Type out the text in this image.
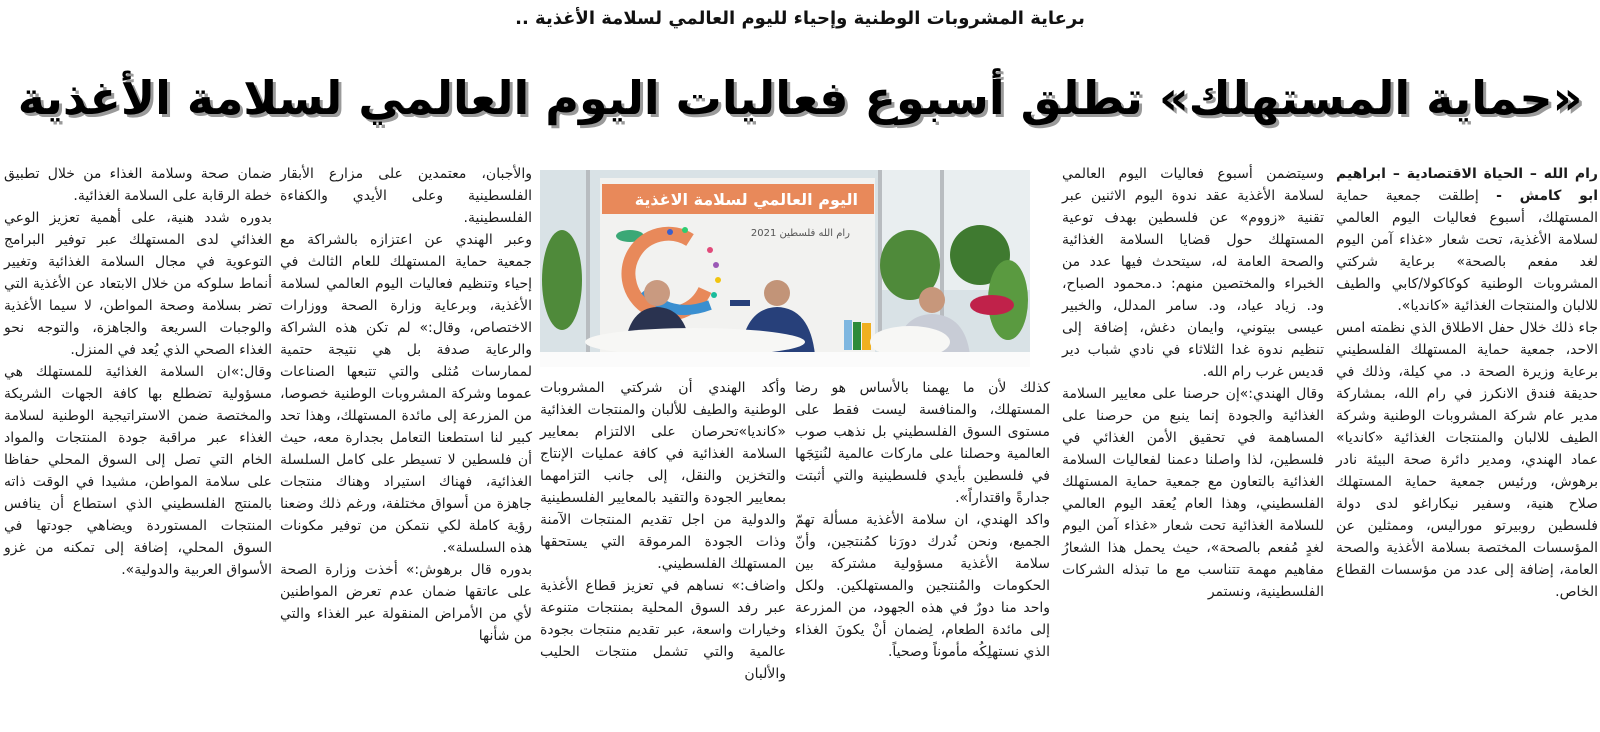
برعاية المشروبات الوطنية وإحياء لليوم العالمي لسلامة الأغذية ..
«حماية المستهلك» تطلق أسبوع فعاليات اليوم العالمي لسلامة الأغذية

رام الله – الحياة الاقتصادية – ابراهيم ابو كامش - إطلقت جمعية حماية المستهلك، أسبوع فعاليات اليوم العالمي لسلامة الأغذية، تحت شعار «غذاء آمن اليوم لغد مفعم بالصحة» برعاية شركتي المشروبات الوطنية كوكاكولا/كابي والطيف للالبان والمنتجات الغذائية «كانديا».

جاء ذلك خلال حفل الاطلاق الذي نظمته امس الاحد، جمعية حماية المستهلك الفلسطيني برعاية وزيرة الصحة د. مي كيلة، وذلك في حديقة فندق الانكرز في رام الله، بمشاركة مدير عام شركة المشروبات الوطنية وشركة الطيف للالبان والمنتجات الغذائية «كانديا» عماد الهندي، ومدير دائرة صحة البيئة نادر برهوش، ورئيس جمعية حماية المستهلك صلاح هنية، وسفير نيكاراغو لدى دولة فلسطين روبيرتو موراليس، وممثلين عن المؤسسات المختصة بسلامة الأغذية والصحة العامة، إضافة إلى عدد من مؤسسات القطاع الخاص.

وسيتضمن أسبوع فعاليات اليوم العالمي لسلامة الأغذية عقد ندوة اليوم الاثنين عبر تقنية «زووم» عن فلسطين بهدف توعية المستهلك حول قضايا السلامة الغذائية والصحة العامة له، سيتحدث فيها عدد من الخبراء والمختصين منهم: د.محمود الصباح، ود. زياد عياد، ود. سامر المدلل، والخبير عيسى بيتوني، وايمان دغش، إضافة إلى تنظيم ندوة غدا الثلاثاء في نادي شباب دير قديس غرب رام الله.

وقال الهندي:»إن حرصنا على معايير السلامة الغذائية والجودة إنما ينبع من حرصنا على المساهمة في تحقيق الأمن الغذائي في فلسطين، لذا واصلنا دعمنا لفعاليات السلامة الغذائية بالتعاون مع جمعية حماية المستهلك الفلسطيني، وهذا العام يُعقد اليوم العالمي للسلامة الغذائية تحت شعار «غذاء آمن اليوم لغدٍ مُفعم بالصحة»، حيث يحمل هذا الشعارُ مفاهيم مهمة تتناسب مع ما تبذله الشركات الفلسطينية، ونستمر

كذلك لأن ما يهمنا بالأساس هو رضا المستهلك، والمنافسة ليست فقط على مستوى السوق الفلسطيني بل نذهب صوب العالمية وحصلنا على ماركات عالمية لنُنتِجَها في فلسطين بأيدي فلسطينية والتي أثبتت جدارةً واقتداراً».

واكد الهندي، ان سلامة الأغذية مسألة تهمّ الجميع، ونحن نُدرك دورَنا كمُنتجين، وأنّ سلامة الأغذية مسؤولية مشتركة بين الحكومات والمُنتجين والمستهلكين. ولكل واحد منا دورٌ في هذه الجهود، من المزرعة إلى مائدة الطعام، لِضمان أنْ يكونَ الغذاء الذي نستهلِكُه مأموناً وصحياً.

وأكد الهندي أن شركتي المشروبات الوطنية والطيف للألبان والمنتجات الغذائية «كانديا»تحرصان على الالتزام بمعايير السلامة الغذائية في كافة عمليات الإنتاج والتخزين والنقل، إلى جانب التزامهما بمعايير الجودة والتقيد بالمعايير الفلسطينية والدولية من اجل تقديم المنتجات الآمنة وذات الجودة المرموقة التي يستحقها المستهلك الفلسطيني.

واضاف:» نساهم في تعزيز قطاع الأغذية عبر رفد السوق المحلية بمنتجات متنوعة وخيارات واسعة، عبر تقديم منتجات بجودة عالمية والتي تشمل منتجات الحليب والألبان

والأجبان، معتمدين على مزارع الأبقار الفلسطينية وعلى الأيدي والكفاءة الفلسطينية.

وعبر الهندي عن اعتزازه بالشراكة مع جمعية حماية المستهلك للعام الثالث في إحياء وتنظيم فعاليات اليوم العالمي لسلامة الأغذية، وبرعاية وزارة الصحة ووزارات الاختصاص، وقال:» لم تكن هذه الشراكة والرعاية صدفة بل هي نتيجة حتمية لممارسات مُثلى والتي تتبعها الصناعات عموما وشركة المشروبات الوطنية خصوصا، من المزرعة إلى مائدة المستهلك، وهذا تحد كبير لنا استطعنا التعامل بجدارة معه، حيث أن فلسطين لا تسيطر على كامل السلسلة الغذائية، فهناك استيراد وهناك منتجات جاهزة من أسواق مختلفة، ورغم ذلك وضعنا رؤية كاملة لكي نتمكن من توفير مكونات هذه السلسلة».

بدوره قال برهوش:» أخذت وزارة الصحة على عاتقها ضمان عدم تعرض المواطنين لأي من الأمراض المنقولة عبر الغذاء والتي من شأنها

ضمان صحة وسلامة الغذاء من خلال تطبيق خطة الرقابة على السلامة الغذائية.

بدوره شدد هنية، على أهمية تعزيز الوعي الغذائي لدى المستهلك عبر توفير البرامج التوعوية في مجال السلامة الغذائية وتغيير أنماط سلوكه من خلال الابتعاد عن الأغذية التي تضر بسلامة وصحة المواطن، لا سيما الأغذية والوجبات السريعة والجاهزة، والتوجه نحو الغذاء الصحي الذي يُعد في المنزل.

وقال:»ان السلامة الغذائية للمستهلك هي مسؤولية تضطلع بها كافة الجهات الشريكة والمختصة ضمن الاستراتيجية الوطنية لسلامة الغذاء عبر مراقبة جودة المنتجات والمواد الخام التي تصل إلى السوق المحلي حفاظا على سلامة المواطن، مشيدا في الوقت ذاته بالمنتج الفلسطيني الذي استطاع أن ينافس المنتجات المستوردة ويضاهي جودتها في السوق المحلي، إضافة إلى تمكنه من غزو الأسواق العربية والدولية».

اليوم العالمي لسلامة الاغذية
رام الله فلسطين 2021
